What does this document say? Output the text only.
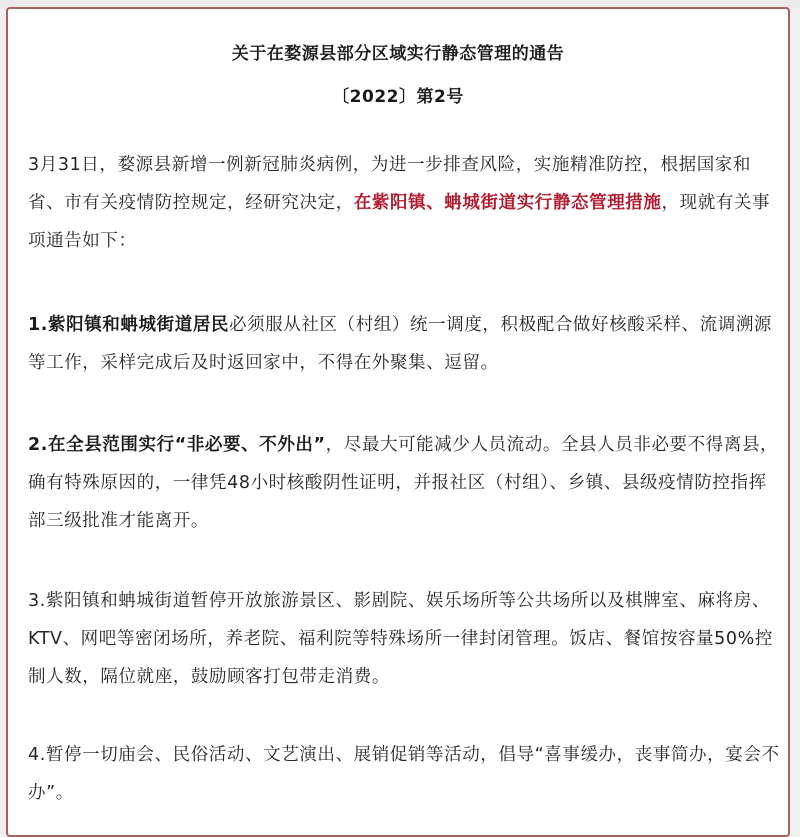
关于在婺源县部分区域实行静态管理的通告
〔2022〕第2号
3月31日，婺源县新增一例新冠肺炎病例，为进一步排查风险，实施精准防控，根据国家和省、市有关疫情防控规定，经研究决定，在紫阳镇、蚺城街道实行静态管理措施，现就有关事项通告如下：
1.紫阳镇和蚺城街道居民必须服从社区（村组）统一调度，积极配合做好核酸采样、流调溯源等工作，采样完成后及时返回家中，不得在外聚集、逗留。
2.在全县范围实行“非必要、不外出”，尽最大可能减少人员流动。全县人员非必要不得离县，确有特殊原因的，一律凭48小时核酸阴性证明，并报社区（村组）、乡镇、县级疫情防控指挥部三级批准才能离开。
3.紫阳镇和蚺城街道暂停开放旅游景区、影剧院、娱乐场所等公共场所以及棋牌室、麻将房、KTV、网吧等密闭场所，养老院、福利院等特殊场所一律封闭管理。饭店、餐馆按容量50%控制人数，隔位就座，鼓励顾客打包带走消费。
4.暂停一切庙会、民俗活动、文艺演出、展销促销等活动，倡导“喜事缓办，丧事简办，宴会不办”。
